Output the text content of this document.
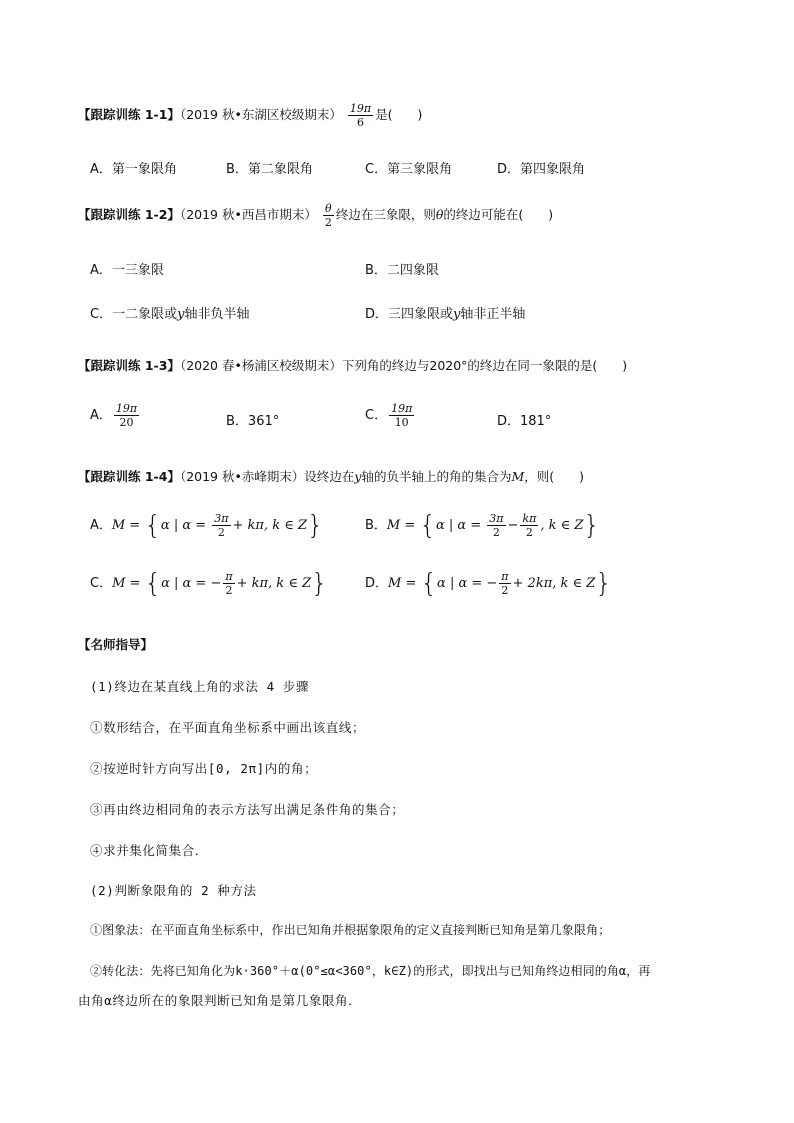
【跟踪训练 1-1】（2019 秋•东湖区校级期末） $\frac{19\pi}{6}$ 是(　　)
A．第一象限角	B．第二象限角	C．第三象限角	D．第四象限角
【跟踪训练 1-2】（2019 秋•西昌市期末） $\frac{\theta}{2}$ 终边在三象限，则θ的终边可能在(　　)
A．一三象限	B．二四象限
C．一二象限或y轴非负半轴	D．三四象限或y轴非正半轴
【跟踪训练 1-3】（2020 春•杨浦区校级期末）下列角的终边与2020°的终边在同一象限的是(　　)
A． $\frac{19\pi}{20}$	B．361°	C． $\frac{19\pi}{10}$	D．181°
【跟踪训练 1-4】（2019 秋•赤峰期末）设终边在y轴的负半轴上的角的集合为M，则(　　)
A．M = {α | $\alpha = \frac{3\pi}{2} + k\pi$, k ∈ Z}	B．M = {α | $\alpha = \frac{3\pi}{2} - \frac{k\pi}{2}$ , k ∈ Z}
C．M = {α | α = − $\frac{\pi}{2} + k\pi$, k ∈ Z}	D．M = {α | α = − $\frac{\pi}{2} + 2k\pi$, k ∈ Z}
【名师指导】
(1)终边在某直线上角的求法 4 步骤
①数形结合，在平面直角坐标系中画出该直线；
②按逆时针方向写出[0, 2π]内的角；
③再由终边相同角的表示方法写出满足条件角的集合；
④求并集化简集合．
(2)判断象限角的 2 种方法
①图象法：在平面直角坐标系中，作出已知角并根据象限角的定义直接判断已知角是第几象限角；
②转化法：先将已知角化为k·360°＋α(0°≤α<360°，k∈Z)的形式，即找出与已知角终边相同的角α，再
由角α终边所在的象限判断已知角是第几象限角．
